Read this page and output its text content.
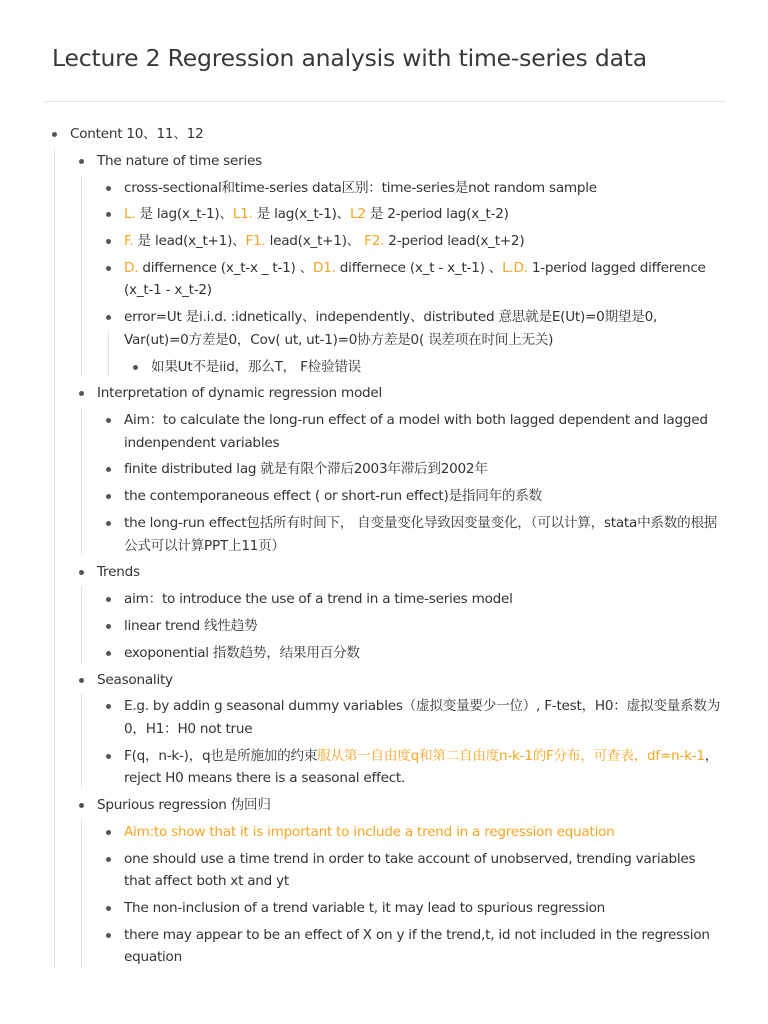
Lecture 2 Regression analysis with time-series data
Content 10、11、12
The nature of time series
cross-sectional和time-series data区别：time-series是not random sample
L. 是 lag(x_t-1)、L1. 是 lag(x_t-1)、L2 是 2-period lag(x_t-2)
F. 是 lead(x_t+1)、F1. lead(x_t+1)、 F2. 2-period lead(x_t+2)
D. differnence (x_t-x _ t-1) 、D1. differnece (x_t - x_t-1) 、L.D. 1-period lagged difference (x_t-1 - x_t-2)
error=Ut 是i.i.d. :idnetically、independently、distributed 意思就是E(Ut)=0期望是0, Var(ut)=0方差是0，Cov( ut, ut-1)=0协方差是0( 误差项在时间上无关)
如果Ut不是iid，那么T， F检验错误
Interpretation of dynamic regression model
Aim：to calculate the long-run effect of a model with both lagged dependent and lagged indenpendent variables
finite distributed lag 就是有限个滞后2003年滞后到2002年
the contemporaneous effect ( or short-run effect)是指同年的系数
the long-run effect包括所有时间下， 自变量变化导致因变量变化，（可以计算，stata中系数的根据公式可以计算PPT上11页）
Trends
aim：to introduce the use of a trend in a time-series model
linear trend 线性趋势
exoponential 指数趋势，结果用百分数
Seasonality
E.g. by addin g seasonal dummy variables（虚拟变量要少一位）, F-test，H0：虚拟变量系数为0，H1：H0 not true
F(q，n-k-)，q也是所施加的约束服从第一自由度q和第二自由度n-k-1的F分布，可查表，df=n-k-1，reject H0 means there is a seasonal effect.
Spurious regression 伪回归
Aim:to show that it is important to include a trend in a regression equation
one should use a time trend in order to take account of unobserved, trending variables that affect both xt and yt
The non-inclusion of a trend variable t, it may lead to spurious regression
there may appear to be an effect of X on y if the trend,t, id not included in the regression equation
